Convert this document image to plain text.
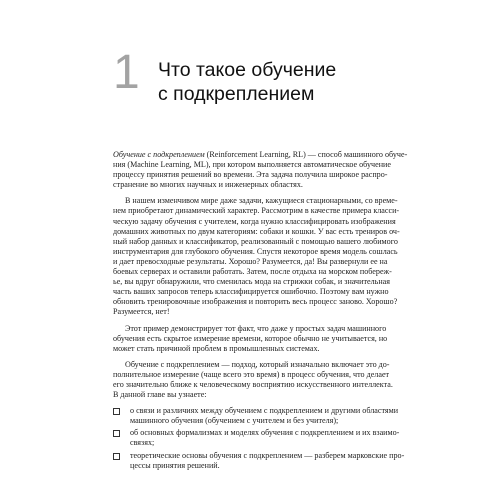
1 Что такое обучение
с подкреплением

Обучение с подкреплением (Reinforcement Learning, RL) — способ машинного обуче-
ния (Machine Learning, ML), при котором выполняется автоматическое обучение
процессу принятия решений во времени. Эта задача получила широкое распро-
странение во многих научных и инженерных областях.

В нашем изменчивом мире даже задачи, кажущиеся стационарными, со време-
нем приобретают динамический характер. Рассмотрим в качестве примера класси-
ческую задачу обучения с учителем, когда нужно классифицировать изображения
домашних животных по двум категориям: собаки и кошки. У вас есть трениров оч-
ный набор данных и классификатор, реализованный с помощью вашего любимого
инструментария для глубокого обучения. Спустя некоторое время модель сошлась
и дает превосходные результаты. Хорошо? Разумеется, да! Вы развернули ее на
боевых серверах и оставили работать. Затем, после отдыха на морском побереж-
ье, вы вдруг обнаружили, что сменилась мода на стрижки собак, и значительная
часть ваших запросов теперь классифицируется ошибочно. Поэтому вам нужно
обновить тренировочные изображения и повторить весь процесс заново. Хорошо?
Разумеется, нет!

Этот пример демонстрирует тот факт, что даже у простых задач машинного
обучения есть скрытое измерение времени, которое обычно не учитывается, но
может стать причиной проблем в промышленных системах.

Обучение с подкреплением — подход, который изначально включает это до-
полнительное измерение (чаще всего это время) в процесс обучения, что делает
его значительно ближе к человеческому восприятию искусственного интеллекта.
В данной главе вы узнаете:

о связи и различиях между обучением с подкреплением и другими областями
машинного обучения (обучением с учителем и без учителя);
об основных формализмах и моделях обучения с подкреплением и их взаимо-
связях;
теоретические основы обучения с подкреплением — разберем марковские про-
цессы принятия решений.
